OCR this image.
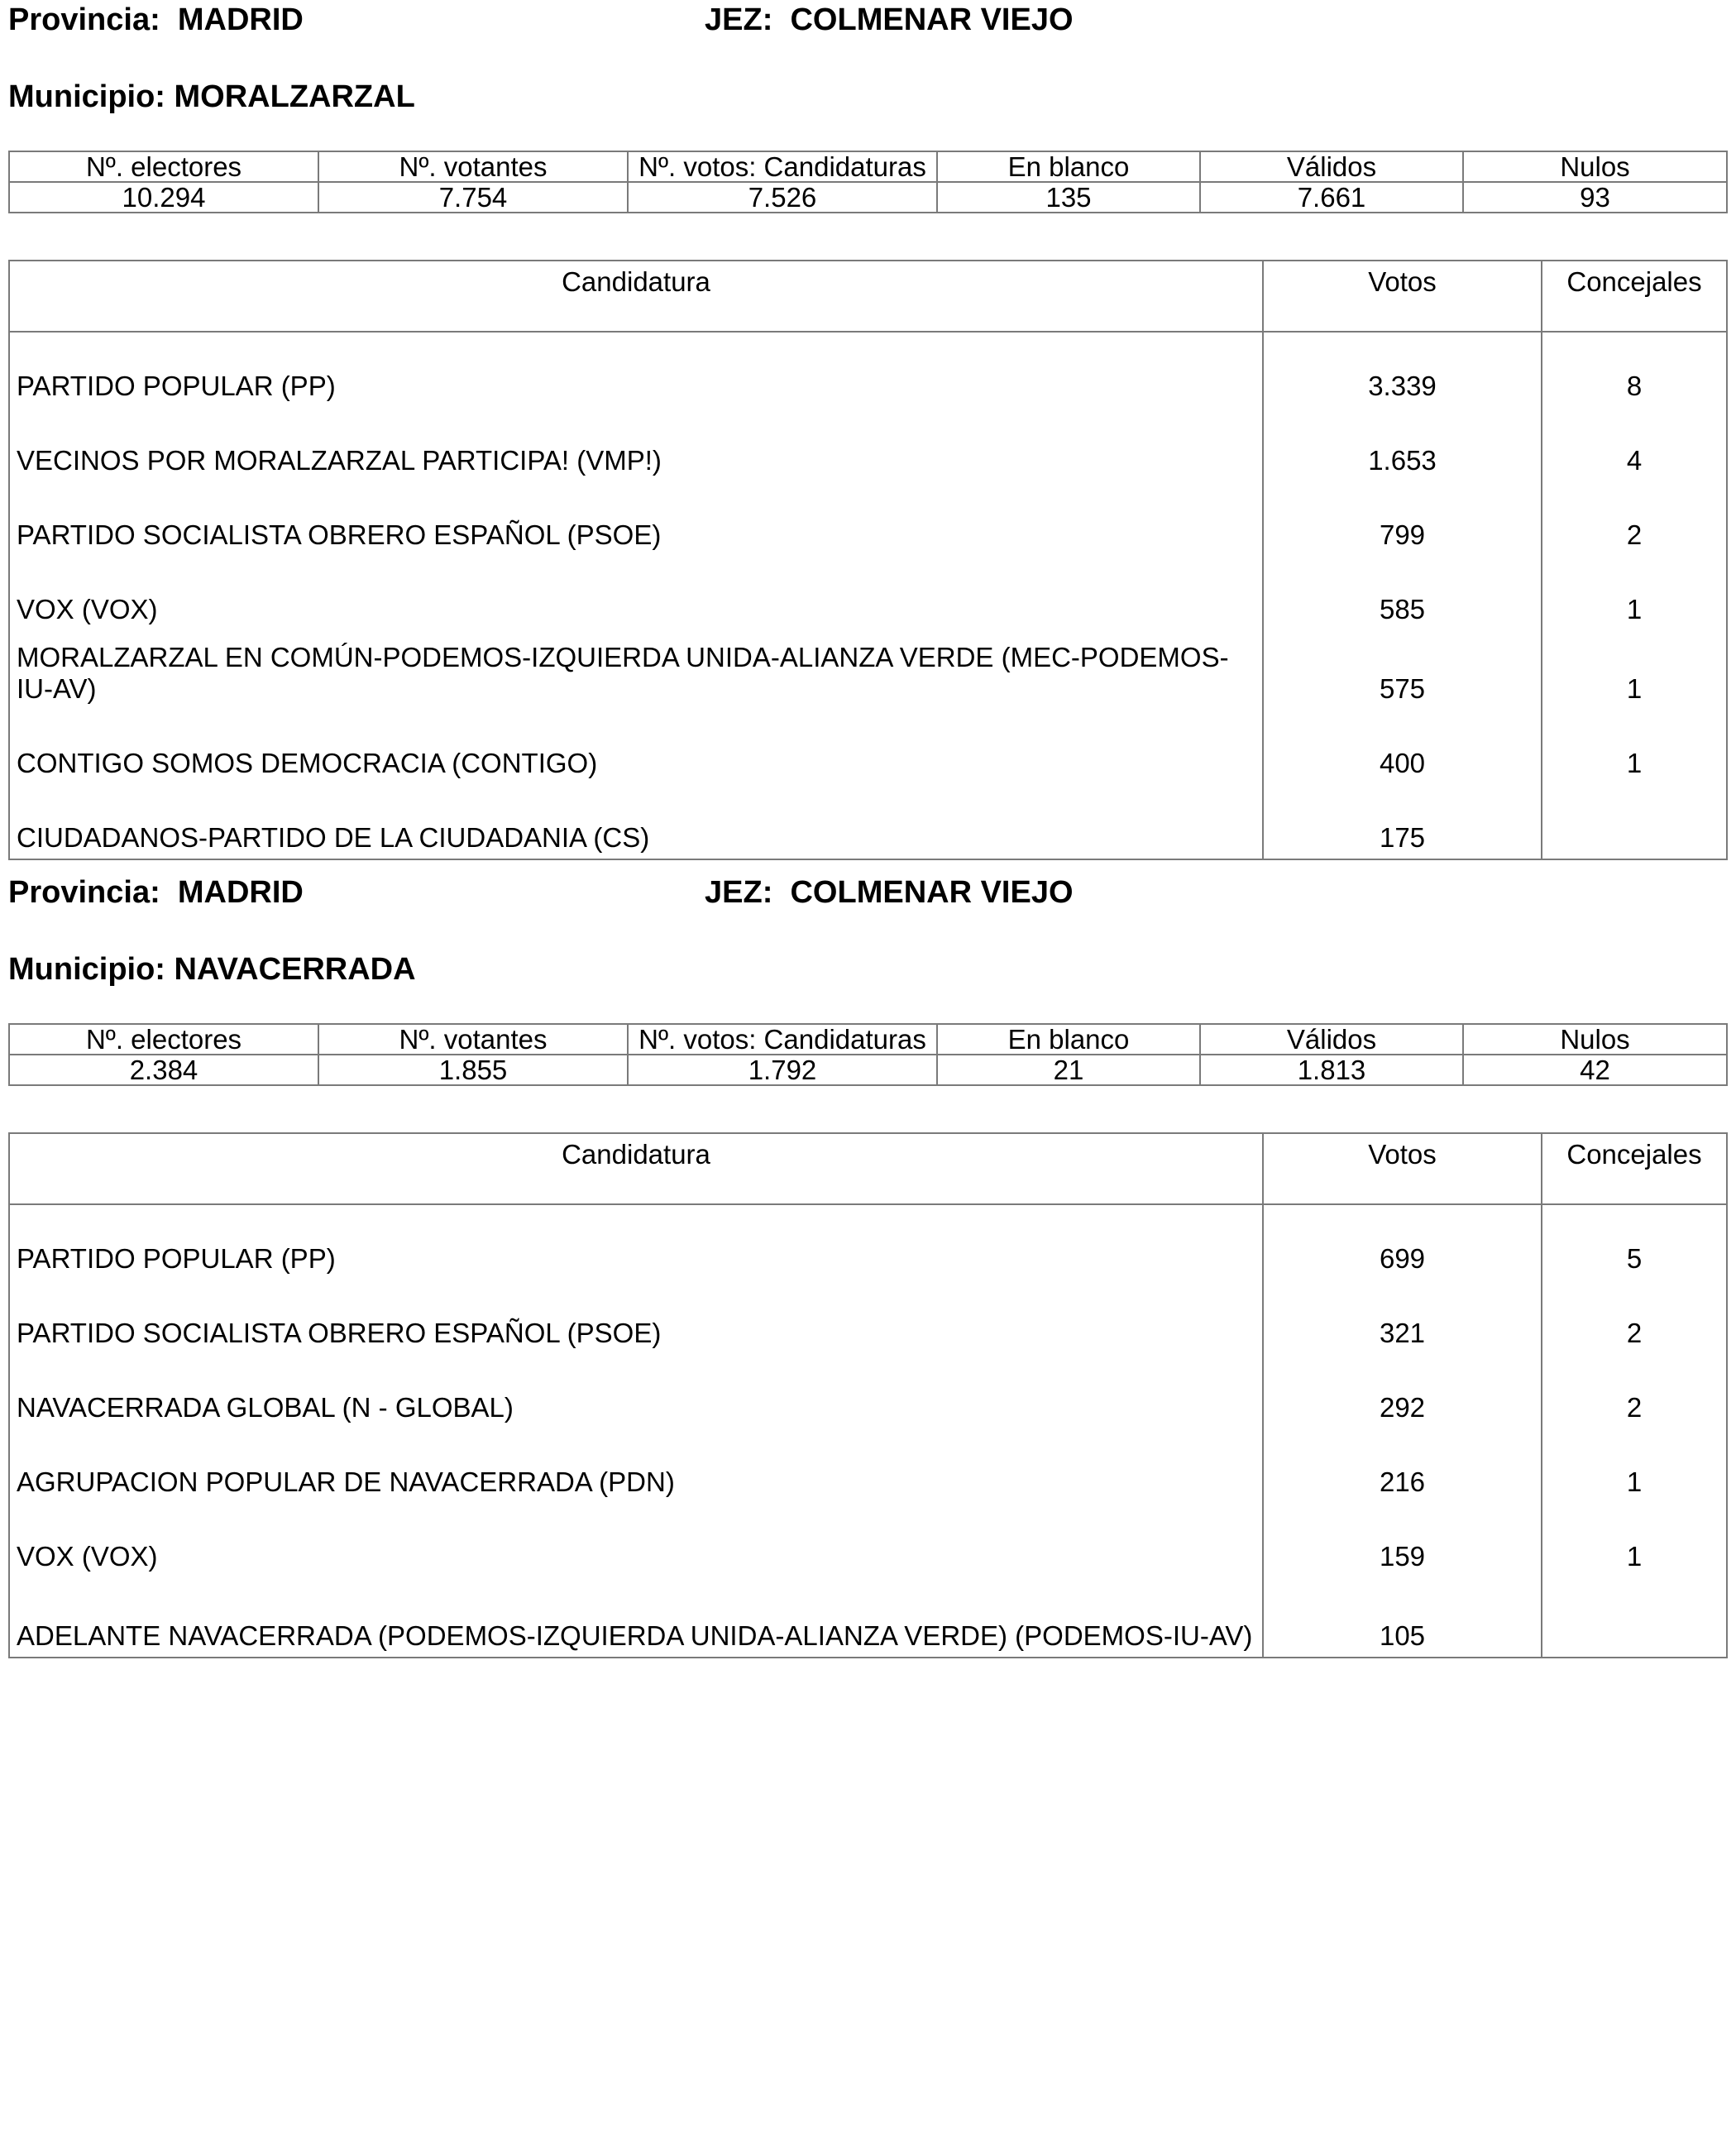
Provincia: MADRID	JEZ: COLMENAR VIEJO
Municipio: MORALZARZAL
Nº. electores	Nº. votantes	Nº. votos: Candidaturas	En blanco	Válidos	Nulos
10.294	7.754	7.526	135	7.661	93
Candidatura	Votos	Concejales
PARTIDO POPULAR (PP)	3.339	8
VECINOS POR MORALZARZAL PARTICIPA! (VMP!)	1.653	4
PARTIDO SOCIALISTA OBRERO ESPAÑOL (PSOE)	799	2
VOX (VOX)	585	1
MORALZARZAL EN COMÚN-PODEMOS-IZQUIERDA UNIDA-ALIANZA VERDE (MEC-PODEMOS-IU-AV)	575	1
CONTIGO SOMOS DEMOCRACIA (CONTIGO)	400	1
CIUDADANOS-PARTIDO DE LA CIUDADANIA (CS)	175	
Provincia: MADRID	JEZ: COLMENAR VIEJO
Municipio: NAVACERRADA
Nº. electores	Nº. votantes	Nº. votos: Candidaturas	En blanco	Válidos	Nulos
2.384	1.855	1.792	21	1.813	42
Candidatura	Votos	Concejales
PARTIDO POPULAR (PP)	699	5
PARTIDO SOCIALISTA OBRERO ESPAÑOL (PSOE)	321	2
NAVACERRADA GLOBAL (N - GLOBAL)	292	2
AGRUPACION POPULAR DE NAVACERRADA (PDN)	216	1
VOX (VOX)	159	1
ADELANTE NAVACERRADA (PODEMOS-IZQUIERDA UNIDA-ALIANZA VERDE) (PODEMOS-IU-AV)	105	
